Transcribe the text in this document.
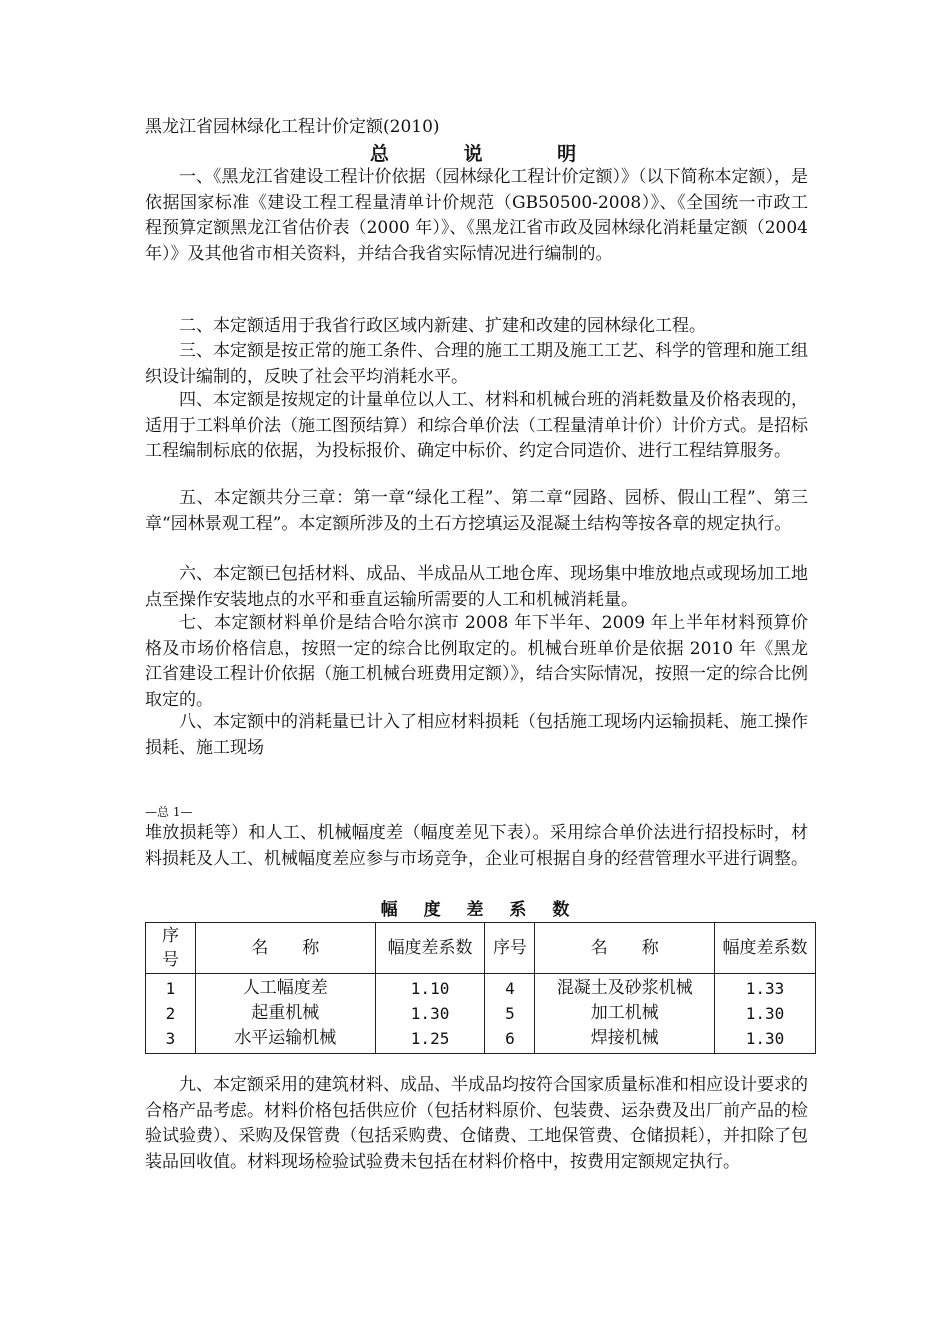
黑龙江省园林绿化工程计价定额(2010)
总	说	明

一、《黑龙江省建设工程计价依据（园林绿化工程计价定额）》（以下简称本定额），是依据国家标准《建设工程工程量清单计价规范（GB50500-2008）》、《全国统一市政工程预算定额黑龙江省估价表（2000 年）》、《黑龙江省市政及园林绿化消耗量定额（2004 年）》及其他省市相关资料，并结合我省实际情况进行编制的。

二、本定额适用于我省行政区域内新建、扩建和改建的园林绿化工程。

三、本定额是按正常的施工条件、合理的施工工期及施工工艺、科学的管理和施工组织设计编制的，反映了社会平均消耗水平。

四、本定额是按规定的计量单位以人工、材料和机械台班的消耗数量及价格表现的，适用于工料单价法（施工图预结算）和综合单价法（工程量清单计价）计价方式。是招标工程编制标底的依据，为投标报价、确定中标价、约定合同造价、进行工程结算服务。

五、本定额共分三章：第一章“绿化工程”、第二章“园路、园桥、假山工程”、第三章“园林景观工程”。本定额所涉及的土石方挖填运及混凝土结构等按各章的规定执行。

六、本定额已包括材料、成品、半成品从工地仓库、现场集中堆放地点或现场加工地点至操作安装地点的水平和垂直运输所需要的人工和机械消耗量。

七、本定额材料单价是结合哈尔滨市 2008 年下半年、2009 年上半年材料预算价格及市场价格信息，按照一定的综合比例取定的。机械台班单价是依据 2010 年《黑龙江省建设工程计价依据（施工机械台班费用定额）》，结合实际情况，按照一定的综合比例取定的。

八、本定额中的消耗量已计入了相应材料损耗（包括施工现场内运输损耗、施工操作损耗、施工现场

—总 1—

堆放损耗等）和人工、机械幅度差（幅度差见下表）。采用综合单价法进行招投标时，材料损耗及人工、机械幅度差应参与市场竞争，企业可根据自身的经营管理水平进行调整。

幅 度 差 系 数
序号	名　　称	幅度差系数	序号	名　　称	幅度差系数
1	人工幅度差	1.10	4	混凝土及砂浆机械	1.33
2	起重机械	1.30	5	加工机械	1.30
3	水平运输机械	1.25	6	焊接机械	1.30

九、本定额采用的建筑材料、成品、半成品均按符合国家质量标准和相应设计要求的合格产品考虑。材料价格包括供应价（包括材料原价、包装费、运杂费及出厂前产品的检验试验费）、采购及保管费（包括采购费、仓储费、工地保管费、仓储损耗），并扣除了包装品回收值。材料现场检验试验费未包括在材料价格中，按费用定额规定执行。
